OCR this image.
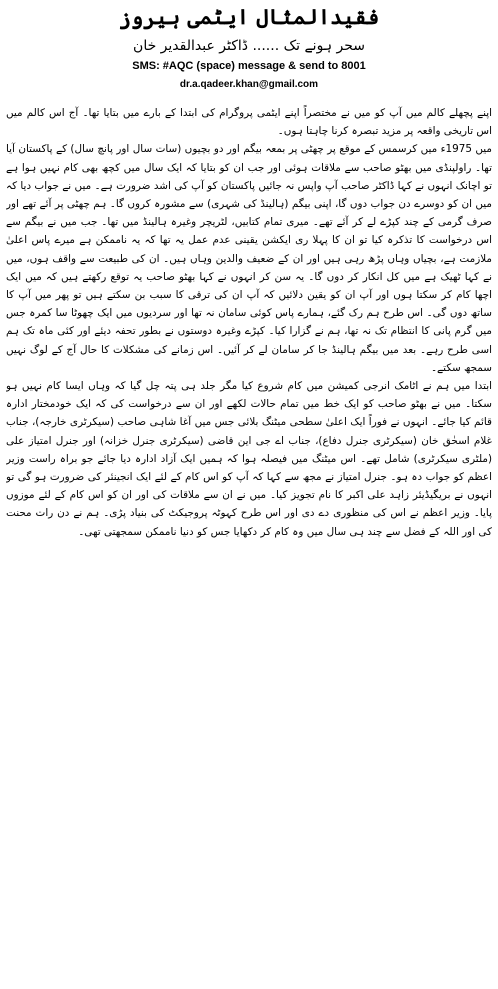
فقیدالمثال ایٹمی ہیروز
سحر ہونے تک ...... ڈاکٹر عبدالقدیر خان
SMS: #AQC (space) message & send to 8001
dr.a.qadeer.khan@gmail.com

اپنے پچھلے کالم میں آپ کو میں نے مختصراً اپنے ایٹمی پروگرام کی ابتدا کے بارے میں بتایا تھا۔ آج اس کالم میں اس تاریخی واقعہ پر مزید تبصرہ کرنا چاہتا ہوں۔

میں 1975ء میں کرسمس کے موقع پر چھٹی پر بمعہ بیگم اور دو بچیوں (سات سال اور پانچ سال) کے پاکستان آیا تھا۔ راولپنڈی میں بھٹو صاحب سے ملاقات ہوئی اور جب ان کو بتایا کہ ایک سال میں کچھ بھی کام نہیں ہوا ہے تو اچانک انہوں نے کہا ڈاکٹر صاحب آپ واپس نہ جائیں پاکستان کو آپ کی اشد ضرورت ہے۔ میں نے جواب دیا کہ میں ان کو دوسرے دن جواب دوں گا، اپنی بیگم (ہالینڈ کی شہری) سے مشورہ کروں گا۔ ہم چھٹی پر آئے تھے اور صرف گرمی کے چند کپڑے لے کر آئے تھے۔ میری تمام کتابیں، لٹریچر وغیرہ ہالینڈ میں تھا۔ جب میں نے بیگم سے اس درخواست کا تذکرہ کیا تو ان کا پہلا ری ایکشن یقینی عدم عمل یہ تھا کہ یہ ناممکن ہے میرے پاس اعلیٰ ملازمت ہے، بچیاں وہاں پڑھ رہی ہیں اور ان کے ضعیف والدین وہاں ہیں۔ ان کی طبیعت سے واقف ہوں، میں نے کہا ٹھیک ہے میں کل انکار کر دوں گا۔ یہ سن کر انہوں نے کہا بھٹو صاحب یہ توقع رکھتے ہیں کہ میں ایک اچھا کام کر سکتا ہوں اور آپ ان کو یقین دلائیں کہ آپ ان کی ترقی کا سبب بن سکتے ہیں تو پھر میں آپ کا ساتھ دوں گی۔ اس طرح ہم رک گئے، ہمارے پاس کوئی سامان نہ تھا اور سردیوں میں ایک چھوٹا سا کمرہ جس میں گرم پانی کا انتظام تک نہ تھا، ہم نے گزارا کیا۔ کپڑے وغیرہ دوستوں نے بطور تحفہ دیئے اور کئی ماہ تک ہم اسی طرح رہے۔ بعد میں بیگم ہالینڈ جا کر سامان لے کر آئیں۔ اس زمانے کی مشکلات کا حال آج کے لوگ نہیں سمجھ سکتے۔

ابتدا میں ہم نے اٹامک انرجی کمیشن میں کام شروع کیا مگر جلد ہی پتہ چل گیا کہ وہاں ایسا کام نہیں ہو سکتا۔ میں نے بھٹو صاحب کو ایک خط میں تمام حالات لکھے اور ان سے درخواست کی کہ ایک خودمختار ادارہ قائم کیا جائے۔ انہوں نے فوراً ایک اعلیٰ سطحی میٹنگ بلائی جس میں آغا شاہی صاحب (سیکرٹری خارجہ)، جناب غلام اسحٰق خان (سیکرٹری جنرل دفاع)، جناب اے جی این قاضی (سیکرٹری جنرل خزانہ) اور جنرل امتیاز علی (ملٹری سیکرٹری) شامل تھے۔ اس میٹنگ میں فیصلہ ہوا کہ ہمیں ایک آزاد ادارہ دیا جائے جو براہ راست وزیر اعظم کو جواب دہ ہو۔ جنرل امتیاز نے مجھ سے کہا کہ آپ کو اس کام کے لئے ایک انجینئر کی ضرورت ہو گی تو انہوں نے بریگیڈیئر زاہد علی اکبر کا نام تجویز کیا۔ میں نے ان سے ملاقات کی اور ان کو اس کام کے لئے موزوں پایا۔ وزیر اعظم نے اس کی منظوری دے دی اور اس طرح کہوٹہ پروجیکٹ کی بنیاد پڑی۔ ہم نے دن رات محنت کی اور اللہ کے فضل سے چند ہی سال میں وہ کام کر دکھایا جس کو دنیا ناممکن سمجھتی تھی۔
